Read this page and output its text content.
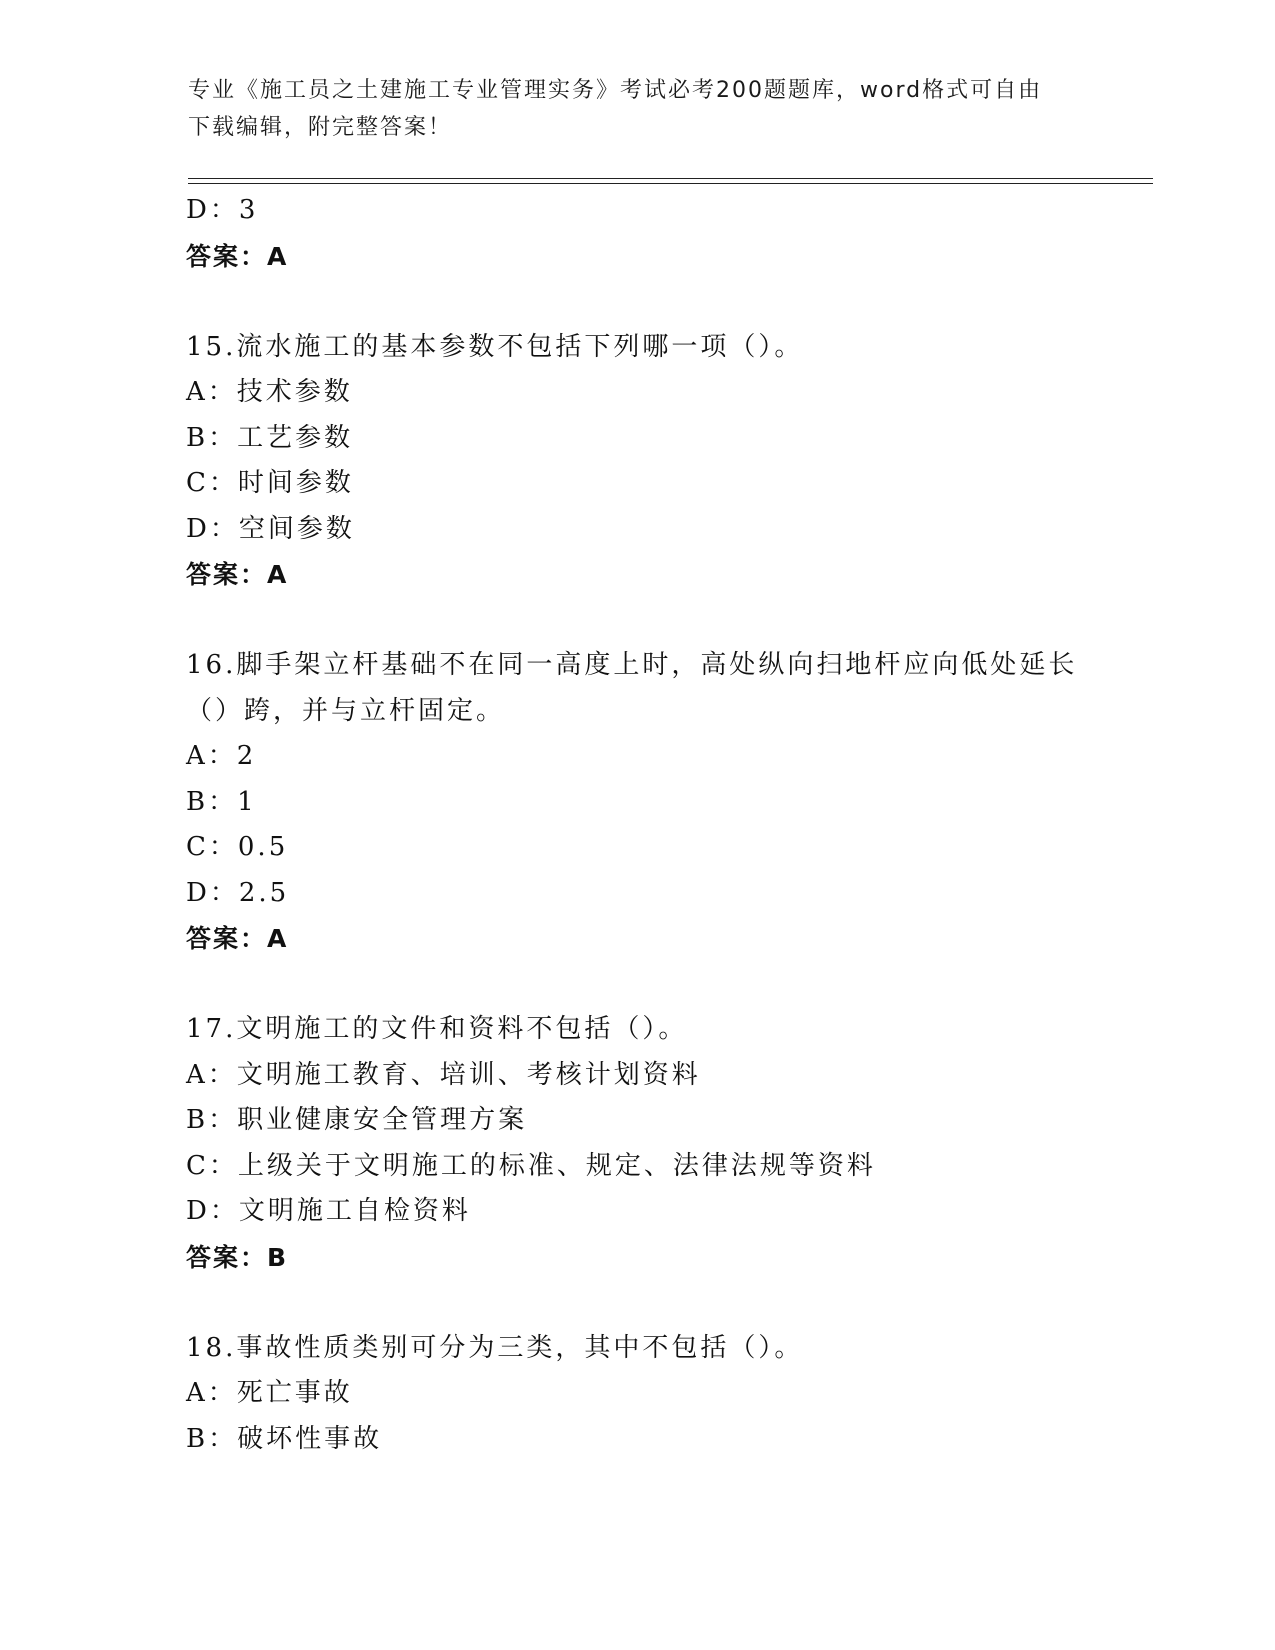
专业《施工员之土建施工专业管理实务》考试必考200题题库，word格式可自由
下载编辑，附完整答案！
D：3
答案：A
15.流水施工的基本参数不包括下列哪一项（）。
A：技术参数
B：工艺参数
C：时间参数
D：空间参数
答案：A
16.脚手架立杆基础不在同一高度上时，高处纵向扫地杆应向低处延长
（）跨，并与立杆固定。
A：2
B：1
C：0.5
D：2.5
答案：A
17.文明施工的文件和资料不包括（）。
A：文明施工教育、培训、考核计划资料
B：职业健康安全管理方案
C：上级关于文明施工的标准、规定、法律法规等资料
D：文明施工自检资料
答案：B
18.事故性质类别可分为三类，其中不包括（）。
A：死亡事故
B：破坏性事故
